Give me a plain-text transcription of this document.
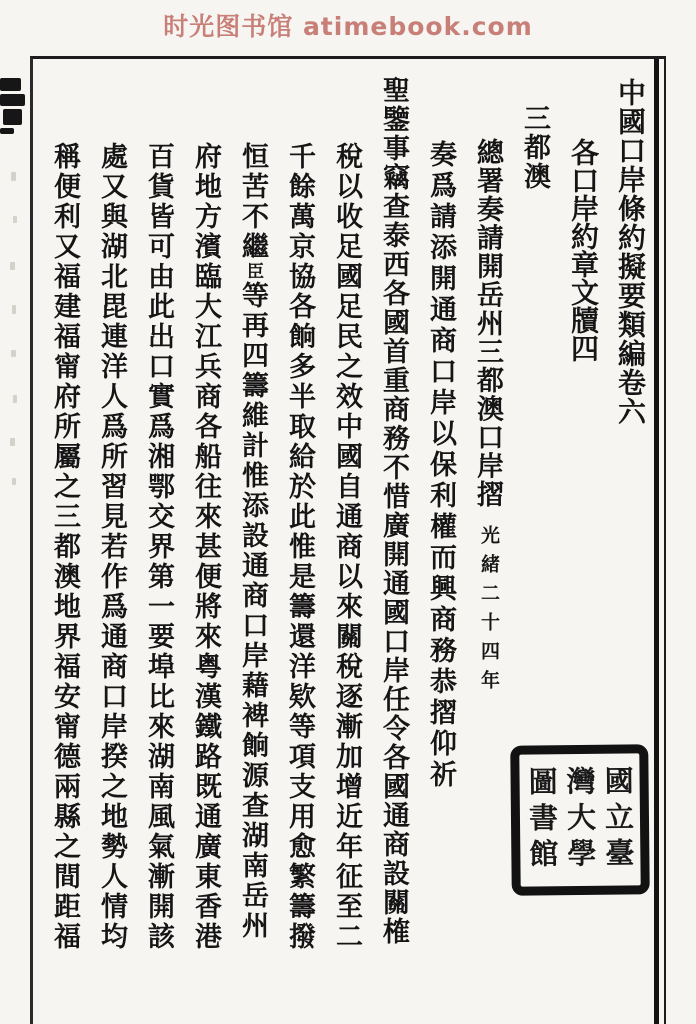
时光图书馆 atimebook.com
中國口岸條約擬要類編卷六
各口岸約章文牘四
三都澳
總署奏請開岳州三都澳口岸摺光緒二十四年
奏爲請添開通商口岸以保利權而興商務恭摺仰祈
聖鑒事竊查泰西各國首重商務不惜廣開通國口岸任令各國通商設關榷
稅以收足國足民之效中國自通商以來關稅逐漸加增近年征至二
千餘萬京協各餉多半取給於此惟是籌還洋欵等項支用愈繁籌撥
恒苦不繼臣等再四籌維計惟添設通商口岸藉裨餉源查湖南岳州
府地方濱臨大江兵商各船往來甚便將來粤漢鐵路既通廣東香港
百貨皆可由此出口實爲湘鄂交界第一要埠比來湖南風氣漸開該
處又與湖北毘連洋人爲所習見若作爲通商口岸揆之地勢人情均
稱便利又福建福甯府所屬之三都澳地界福安甯德兩縣之間距福	國立臺
灣大學
圖書館
